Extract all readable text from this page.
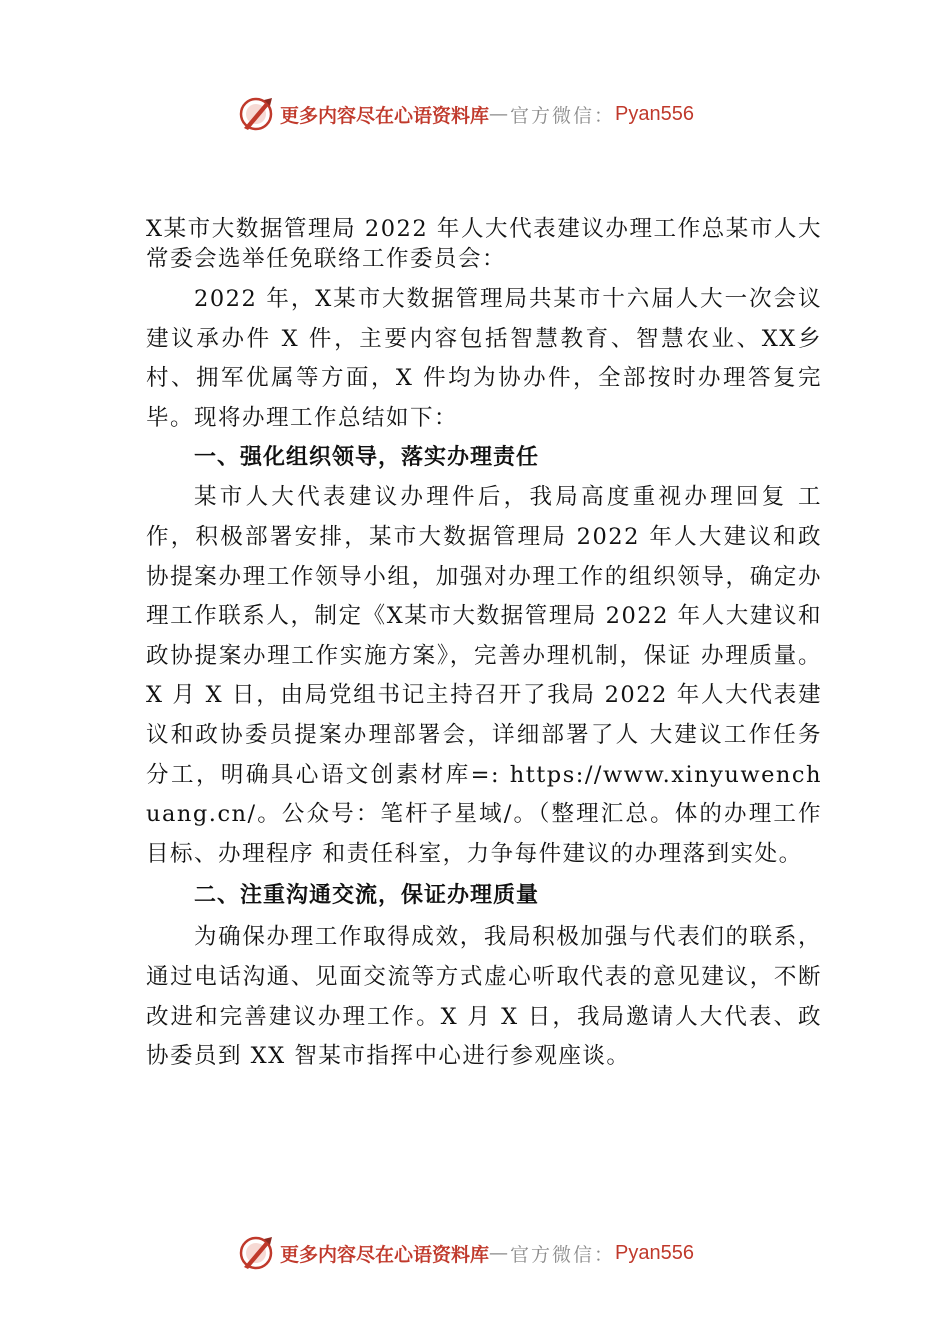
更多内容尽在心语资料库 — 官方微信： Pyan556

X某市大数据管理局 2022 年人大代表建议办理工作总某市人大常委会选举任免联络工作委员会：

2022 年，X某市大数据管理局共某市十六届人大一次会议建议承办件 X 件，主要内容包括智慧教育、智慧农业、XX乡村、拥军优属等方面，X 件均为协办件，全部按时办理答复完毕。现将办理工作总结如下：

一、强化组织领导，落实办理责任

某市人大代表建议办理件后，我局高度重视办理回复 工作，积极部署安排，某市大数据管理局 2022 年人大建议和政协提案办理工作领导小组，加强对办理工作的组织领导，确定办理工作联系人，制定《X某市大数据管理局 2022 年人大建议和政协提案办理工作实施方案》，完善办理机制，保证 办理质量。X 月 X 日，由局党组书记主持召开了我局 2022 年人大代表建议和政协委员提案办理部署会，详细部署了人 大建议工作任务分工，明确具心语文创素材库=: https://www.xinyuwenchuang.cn/。公众号：笔杆子星域/。（整理汇总。体的办理工作目标、办理程序 和责任科室，力争每件建议的办理落到实处。

二、注重沟通交流，保证办理质量

为确保办理工作取得成效，我局积极加强与代表们的联系，通过电话沟通、见面交流等方式虚心听取代表的意见建议，不断改进和完善建议办理工作。X 月 X 日，我局邀请人大代表、政协委员到 XX 智某市指挥中心进行参观座谈。

更多内容尽在心语资料库 — 官方微信： Pyan556
